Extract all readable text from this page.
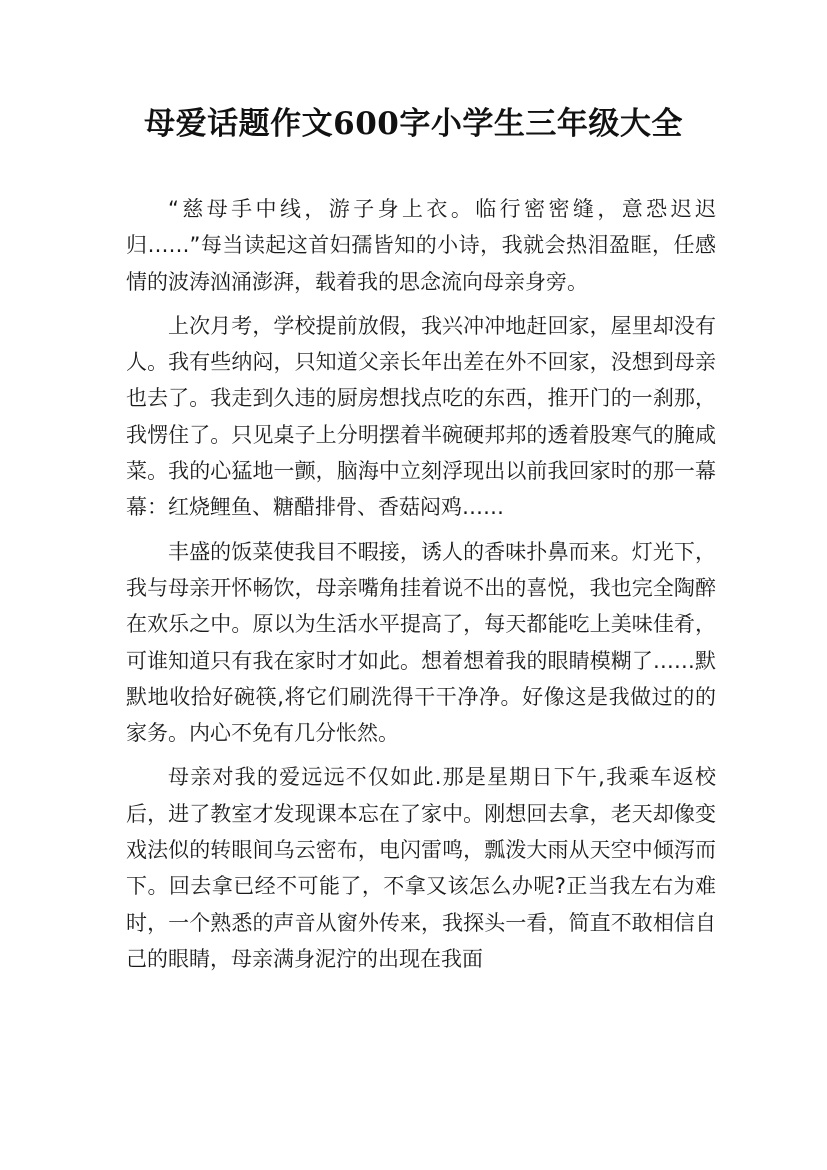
母爱话题作文600字小学生三年级大全

“慈母手中线，游子身上衣。临行密密缝，意恐迟迟归……”每当读起这首妇孺皆知的小诗，我就会热泪盈眶，任感情的波涛汹涌澎湃，载着我的思念流向母亲身旁。

上次月考，学校提前放假，我兴冲冲地赶回家，屋里却没有人。我有些纳闷，只知道父亲长年出差在外不回家，没想到母亲也去了。我走到久违的厨房想找点吃的东西，推开门的一刹那，我愣住了。只见桌子上分明摆着半碗硬邦邦的透着股寒气的腌咸菜。我的心猛地一颤，脑海中立刻浮现出以前我回家时的那一幕幕：红烧鲤鱼、糖醋排骨、香菇闷鸡……

丰盛的饭菜使我目不暇接，诱人的香味扑鼻而来。灯光下，我与母亲开怀畅饮，母亲嘴角挂着说不出的喜悦，我也完全陶醉在欢乐之中。原以为生活水平提高了，每天都能吃上美味佳肴，可谁知道只有我在家时才如此。想着想着我的眼睛模糊了……默默地收拾好碗筷,将它们刷洗得干干净净。好像这是我做过的的家务。内心不免有几分怅然。

母亲对我的爱远远不仅如此.那是星期日下午,我乘车返校后，进了教室才发现课本忘在了家中。刚想回去拿，老天却像变戏法似的转眼间乌云密布，电闪雷鸣，瓢泼大雨从天空中倾泻而下。回去拿已经不可能了，不拿又该怎么办呢?正当我左右为难时，一个熟悉的声音从窗外传来，我探头一看，简直不敢相信自己的眼睛，母亲满身泥泞的出现在我面
